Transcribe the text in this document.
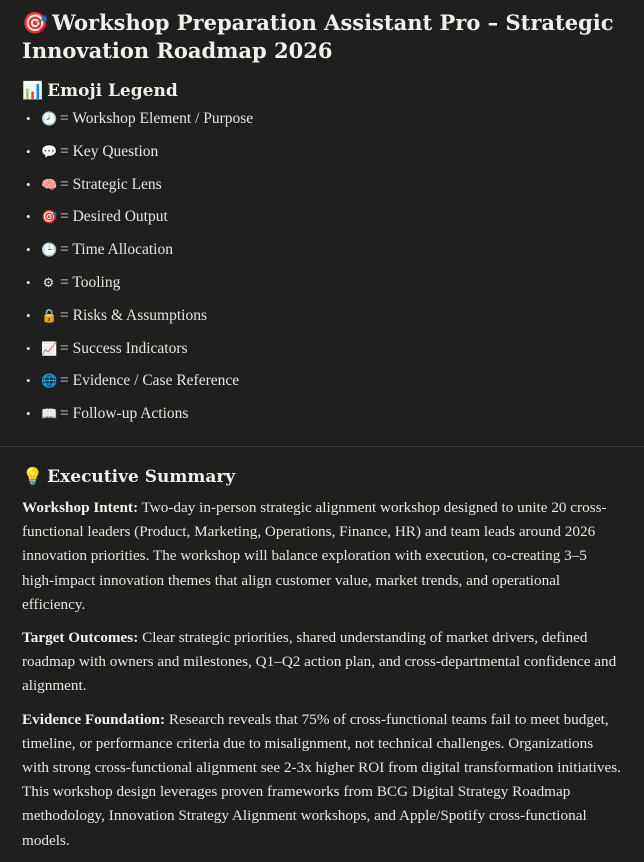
🎯 Workshop Preparation Assistant Pro – Strategic
Innovation Roadmap 2026
📊 Emoji Legend
• 🕗 = Workshop Element / Purpose
• 💬 = Key Question
• 🧠 = Strategic Lens
• 🎯 = Desired Output
• 🕒 = Time Allocation
• ⚙ = Tooling
• 🔒 = Risks & Assumptions
• 📈 = Success Indicators
• 🌐 = Evidence / Case Reference
• 📖 = Follow-up Actions
💡 Executive Summary

Workshop Intent: Two-day in-person strategic alignment workshop designed to unite 20 cross-functional leaders (Product, Marketing, Operations, Finance, HR) and team leads around 2026 innovation priorities. The workshop will balance exploration with execution, co-creating 3–5 high-impact innovation themes that align customer value, market trends, and operational efficiency.

Target Outcomes: Clear strategic priorities, shared understanding of market drivers, defined roadmap with owners and milestones, Q1–Q2 action plan, and cross-departmental confidence and alignment.

Evidence Foundation: Research reveals that 75% of cross-functional teams fail to meet budget, timeline, or performance criteria due to misalignment, not technical challenges. Organizations with strong cross-functional alignment see 2-3x higher ROI from digital transformation initiatives. This workshop design leverages proven frameworks from BCG Digital Strategy Roadmap methodology, Innovation Strategy Alignment workshops, and Apple/Spotify cross-functional models.
